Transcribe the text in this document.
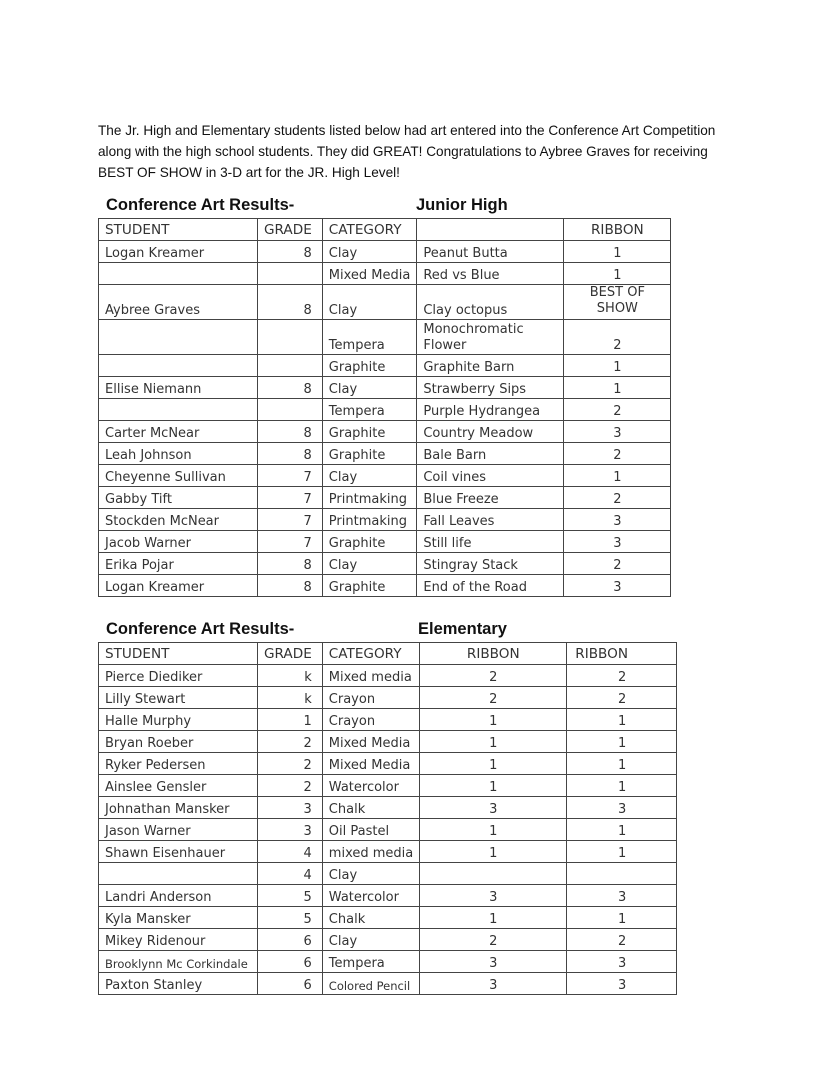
The Jr. High and Elementary students listed below had art entered into the Conference Art Competition along with the high school students. They did GREAT! Congratulations to Aybree Graves for receiving BEST OF SHOW in 3-D art for the JR. High Level!

Conference Art Results-	Junior High
STUDENT	GRADE	CATEGORY		RIBBON
Logan Kreamer	8	Clay	Peanut Butta	1
		Mixed Media	Red vs Blue	1
Aybree Graves	8	Clay	Clay octopus	BEST OF SHOW
		Tempera	Monochromatic Flower	2
		Graphite	Graphite Barn	1
Ellise Niemann	8	Clay	Strawberry Sips	1
		Tempera	Purple Hydrangea	2
Carter McNear	8	Graphite	Country Meadow	3
Leah Johnson	8	Graphite	Bale Barn	2
Cheyenne Sullivan	7	Clay	Coil vines	1
Gabby Tift	7	Printmaking	Blue Freeze	2
Stockden McNear	7	Printmaking	Fall Leaves	3
Jacob Warner	7	Graphite	Still life	3
Erika Pojar	8	Clay	Stingray Stack	2
Logan Kreamer	8	Graphite	End of the Road	3
Conference Art Results-	Elementary
STUDENT	GRADE	CATEGORY	RIBBON	RIBBON
Pierce Diediker	k	Mixed media	2	2
Lilly Stewart	k	Crayon	2	2
Halle Murphy	1	Crayon	1	1
Bryan Roeber	2	Mixed Media	1	1
Ryker Pedersen	2	Mixed Media	1	1
Ainslee Gensler	2	Watercolor	1	1
Johnathan Mansker	3	Chalk	3	3
Jason Warner	3	Oil Pastel	1	1
Shawn Eisenhauer	4	mixed media	1	1
	4	Clay		
Landri Anderson	5	Watercolor	3	3
Kyla Mansker	5	Chalk	1	1
Mikey Ridenour	6	Clay	2	2
Brooklynn Mc Corkindale	6	Tempera	3	3
Paxton Stanley	6	Colored Pencil	3	3
